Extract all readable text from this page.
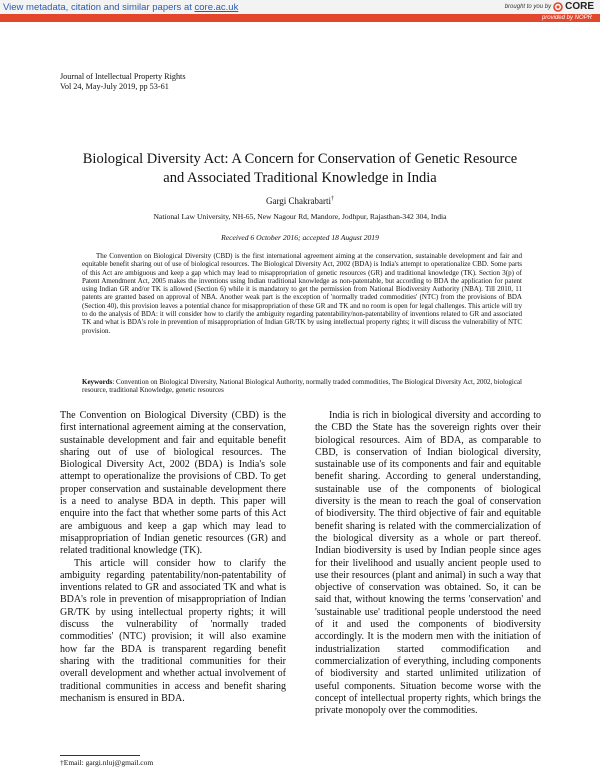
View metadata, citation and similar papers at core.ac.uk	brought to you by CORE
provided by NOPR
Journal of Intellectual Property Rights
Vol 24, May-July 2019, pp 53-61
Biological Diversity Act: A Concern for Conservation of Genetic Resource
and Associated Traditional Knowledge in India
Gargi Chakrabarti†
National Law University, NH-65, New Nagour Rd, Mandore, Jodhpur, Rajasthan-342 304, India
Received 6 October 2016; accepted 18 August 2019

The Convention on Biological Diversity (CBD) is the first international agreement aiming at the conservation, sustainable development and fair and equitable benefit sharing out of use of biological resources. The Biological Diversity Act, 2002 (BDA) is India's attempt to operationalize CBD. Some parts of this Act are ambiguous and keep a gap which may lead to misappropriation of genetic resources (GR) and traditional knowledge (TK). Section 3(p) of Patent Amendment Act, 2005 makes the inventions using Indian traditional knowledge as non-patentable, but according to BDA the application for patent using Indian GR and/or TK is allowed (Section 6) while it is mandatory to get the permission from National Biodiversity Authority (NBA). Till 2010, 11 patents are granted based on approval of NBA. Another weak part is the exception of 'normally traded commodities' (NTC) from the provisions of BDA (Section 40), this provision leaves a potential chance for misappropriation of these GR and TK and no room is open for legal challenges. This article will try to do the analysis of BDA: it will consider how to clarify the ambiguity regarding patentability/non-patentability of inventions related to GR and associated TK and what is BDA's role in prevention of misappropriation of Indian GR/TK by using intellectual property rights; it will discuss the vulnerability of NTC provision.

Keywords: Convention on Biological Diversity, National Biological Authority, normally traded commodities, The Biological Diversity Act, 2002, biological resource, traditional Knowledge, genetic resources

The Convention on Biological Diversity (CBD) is the first international agreement aiming at the conservation, sustainable development and fair and equitable benefit sharing out of use of biological resources. The Biological Diversity Act, 2002 (BDA) is India's sole attempt to operationalize the provisions of CBD. To get proper conservation and sustainable development there is a need to analyse BDA in depth. This paper will enquire into the fact that whether some parts of this Act are ambiguous and keep a gap which may lead to misappropriation of Indian genetic resources (GR) and related traditional knowledge (TK).

This article will consider how to clarify the ambiguity regarding patentability/non-patentability of inventions related to GR and associated TK and what is BDA's role in prevention of misappropriation of Indian GR/TK by using intellectual property rights; it will discuss the vulnerability of 'normally traded commodities' (NTC) provision; it will also examine how far the BDA is transparent regarding benefit sharing with the traditional communities for their overall development and whether actual involvement of traditional communities in access and benefit sharing mechanism is ensured in BDA.

India is rich in biological diversity and according to the CBD the State has the sovereign rights over their biological resources. Aim of BDA, as comparable to CBD, is conservation of Indian biological diversity, sustainable use of its components and fair and equitable benefit sharing. According to general understanding, sustainable use of the components of biological diversity is the mean to reach the goal of conservation of biodiversity. The third objective of fair and equitable benefit sharing is related with the commercialization of the biological diversity as a whole or part thereof. Indian biodiversity is used by Indian people since ages for their livelihood and usually ancient people used to use their resources (plant and animal) in such a way that objective of conservation was obtained. So, it can be said that, without knowing the terms 'conservation' and 'sustainable use' traditional people understood the need of it and used the components of biodiversity accordingly. It is the modern men with the initiation of industrialization started commodification and commercialization of everything, including components of biodiversity and started unlimited utilization of useful components. Situation become worse with the concept of intellectual property rights, which brings the private monopoly over the commodities.

†Email: gargi.nluj@gmail.com
